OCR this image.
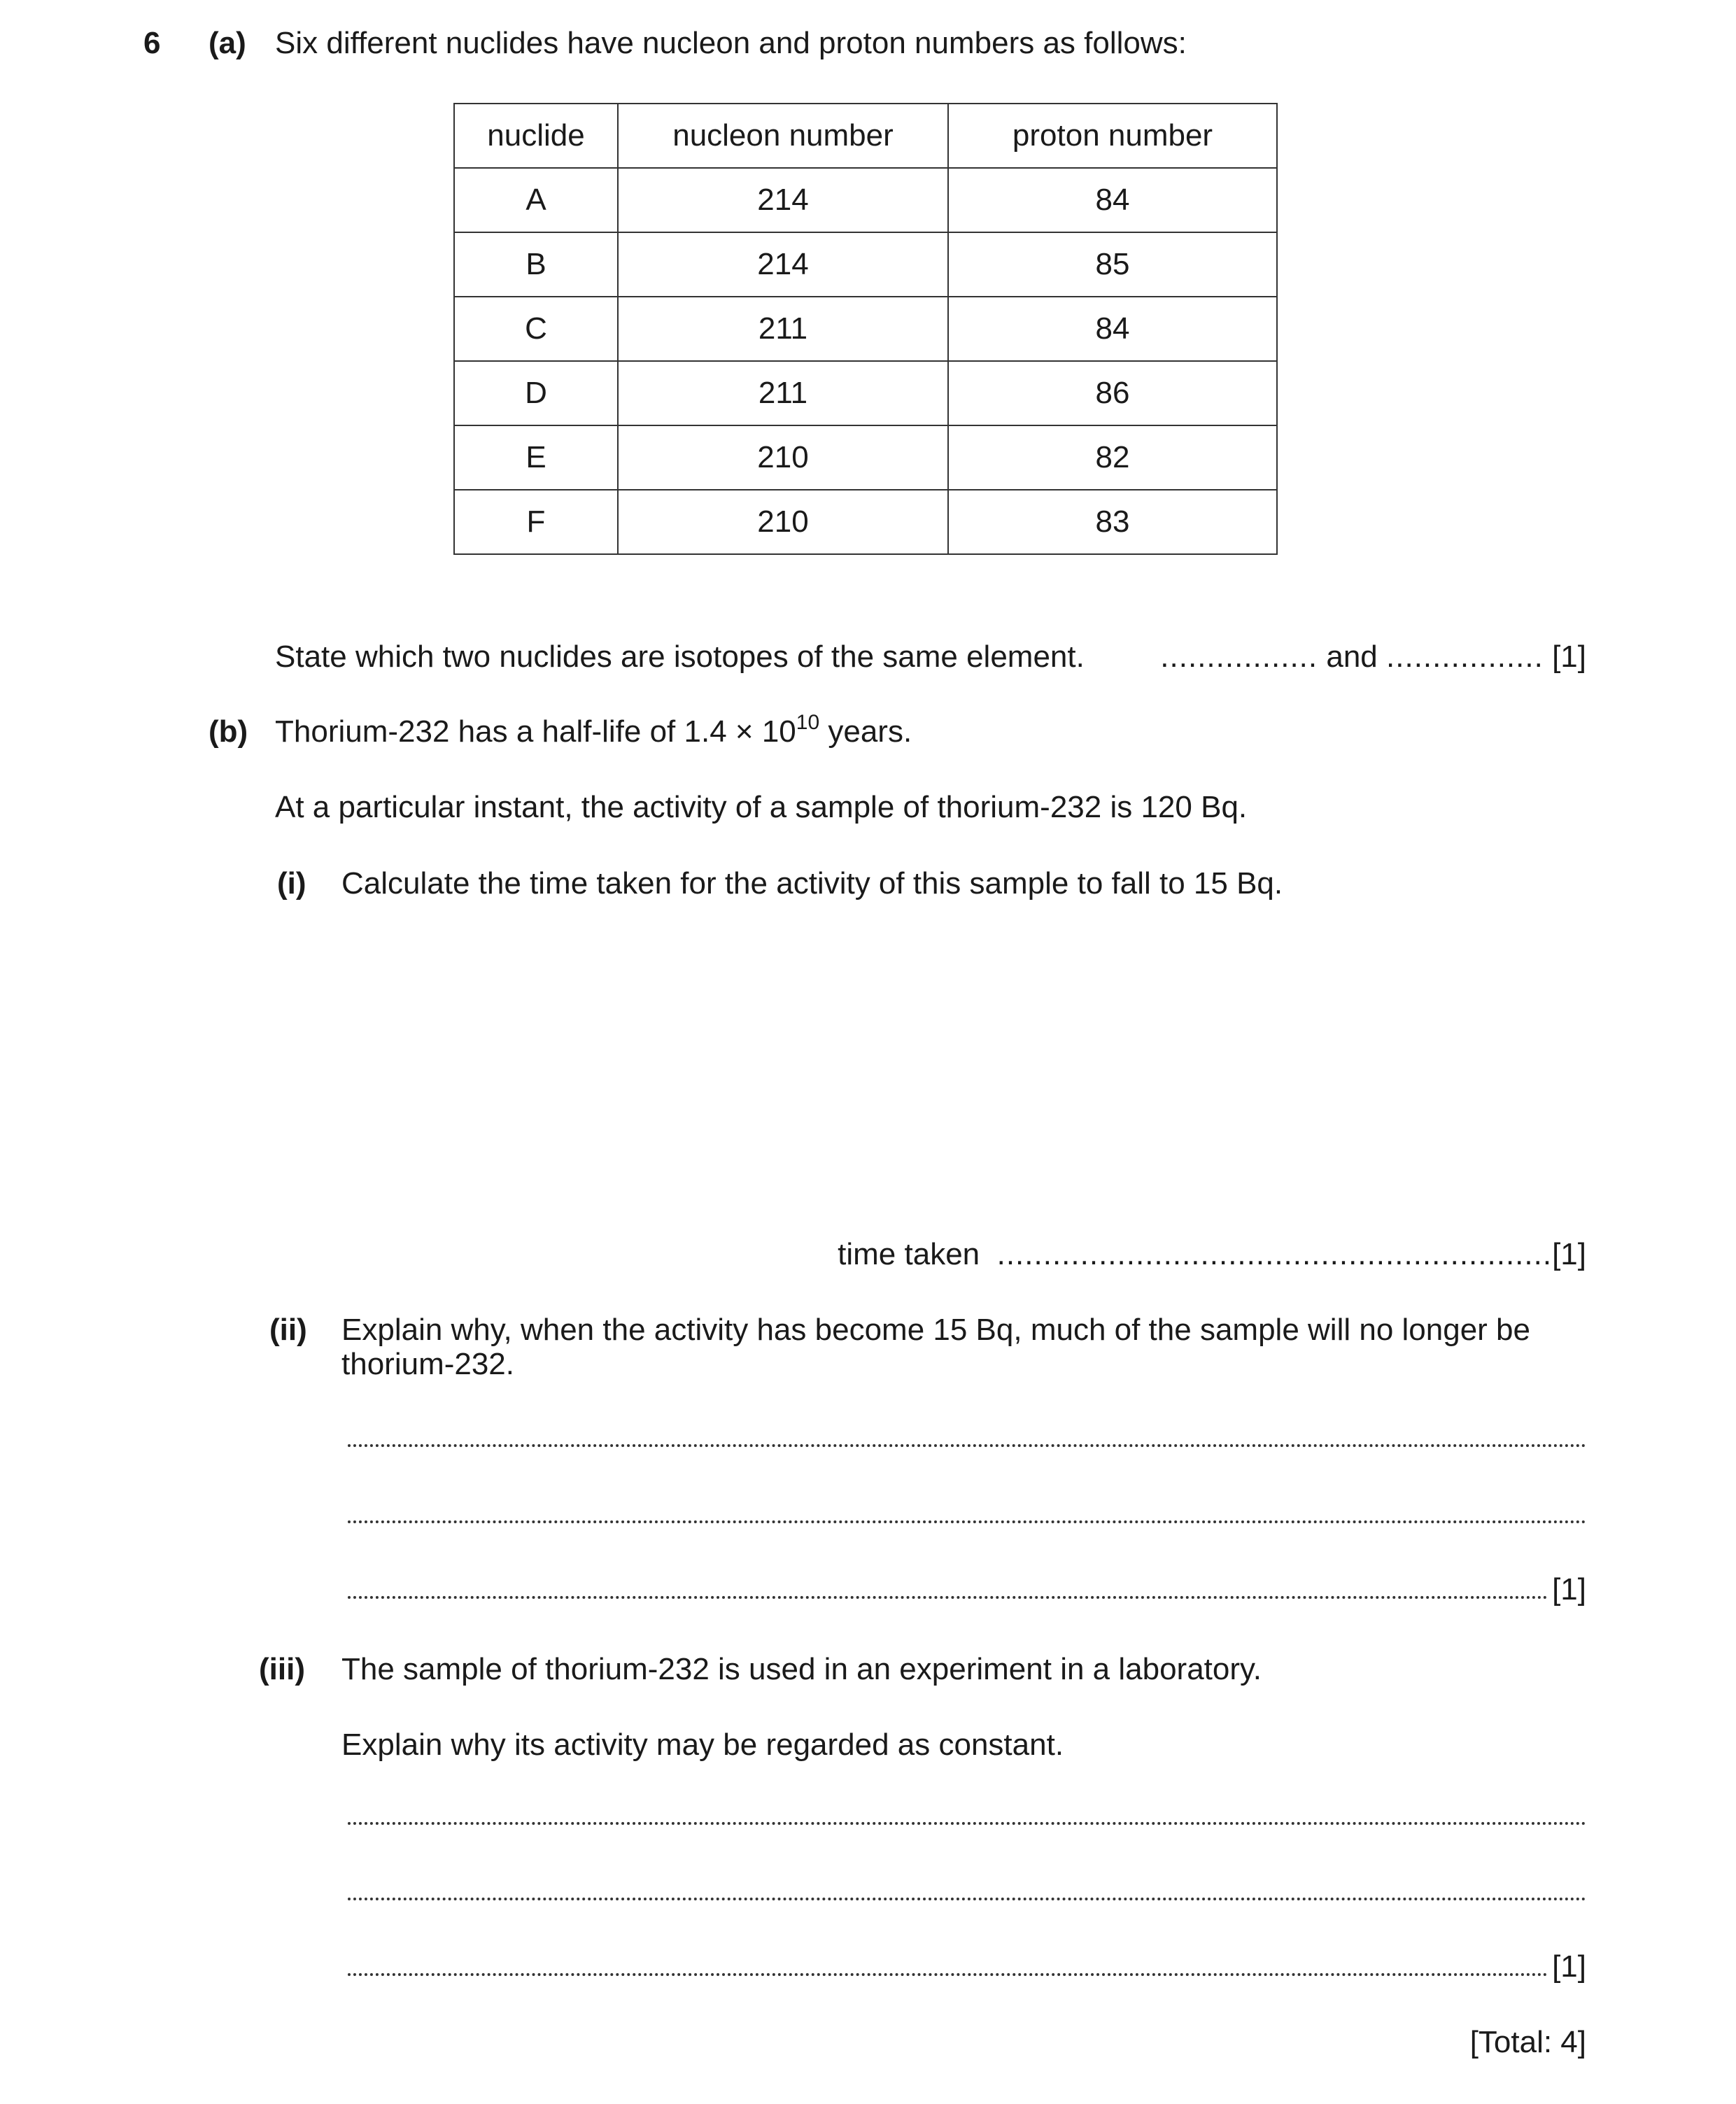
6 (a) Six different nuclides have nucleon and proton numbers as follows:
nuclide	nucleon number	proton number
A	214	84
B	214	85
C	211	84
D	211	86
E	210	82
F	210	83
State which two nuclides are isotopes of the same element. ................. and ................. [1]
(b) Thorium-232 has a half-life of $1.4 \times 10^{10}$ years.
At a particular instant, the activity of a sample of thorium-232 is 120 Bq.
(i) Calculate the time taken for the activity of this sample to fall to 15 Bq.
time taken ............................................................[1]
(ii) Explain why, when the activity has become 15 Bq, much of the sample will no longer be
thorium-232.
[1]
(iii) The sample of thorium-232 is used in an experiment in a laboratory.
Explain why its activity may be regarded as constant.
[1]
[Total: 4]
